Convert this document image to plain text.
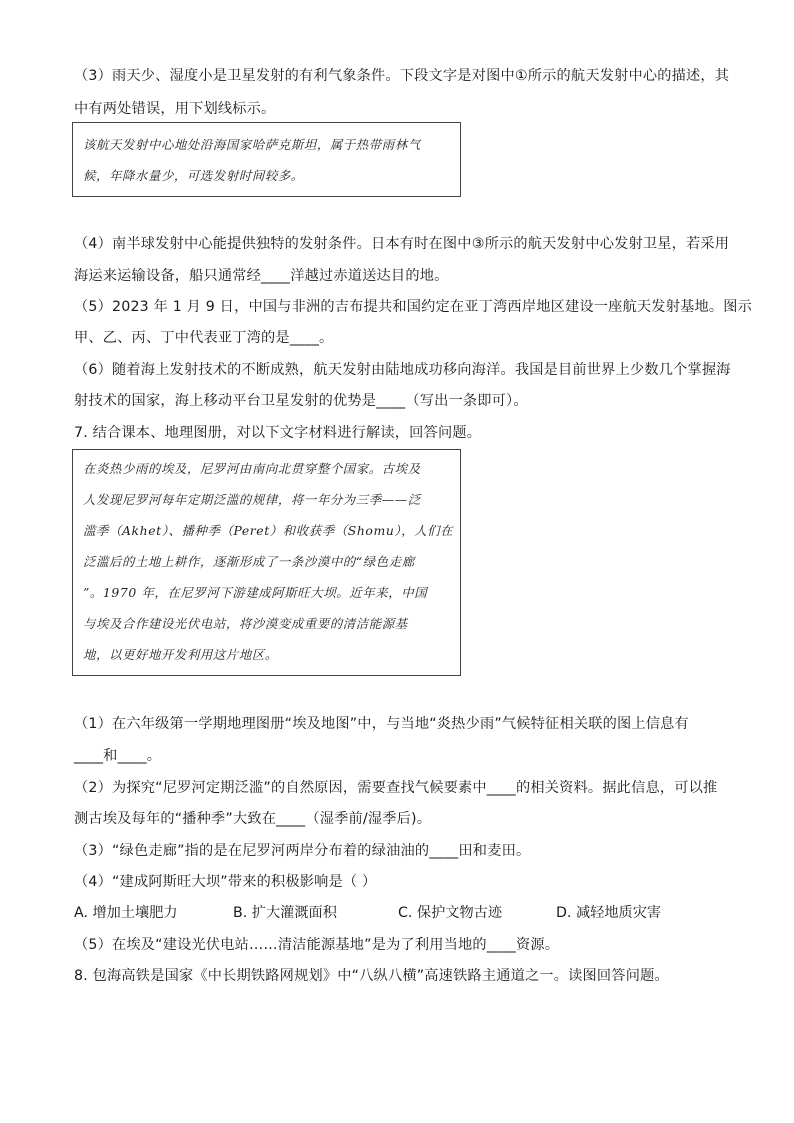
（3）雨天少、湿度小是卫星发射的有利气象条件。下段文字是对图中①所示的航天发射中心的描述，其
中有两处错误，用下划线标示。
该航天发射中心地处沿海国家哈萨克斯坦，属于热带雨林气
候，年降水量少，可选发射时间较多。
（4）南半球发射中心能提供独特的发射条件。日本有时在图中③所示的航天发射中心发射卫星，若采用
海运来运输设备，船只通常经____洋越过赤道送达目的地。
（5）2023 年 1 月 9 日，中国与非洲的吉布提共和国约定在亚丁湾西岸地区建设一座航天发射基地。图示
甲、乙、丙、丁中代表亚丁湾的是____。
（6）随着海上发射技术的不断成熟，航天发射由陆地成功移向海洋。我国是目前世界上少数几个掌握海
射技术的国家，海上移动平台卫星发射的优势是____（写出一条即可）。
7. 结合课本、地理图册，对以下文字材料进行解读，回答问题。
在炎热少雨的埃及，尼罗河由南向北贯穿整个国家。古埃及
人发现尼罗河每年定期泛滥的规律，将一年分为三季——泛
滥季（Akhet）、播种季（Peret）和收获季（Shomu），人们在
泛滥后的土地上耕作，逐渐形成了一条沙漠中的“绿色走廊
”。1970 年，在尼罗河下游建成阿斯旺大坝。近年来，中国
与埃及合作建设光伏电站，将沙漠变成重要的清洁能源基
地，以更好地开发利用这片地区。
（1）在六年级第一学期地理图册“埃及地图”中，与当地“炎热少雨”气候特征相关联的图上信息有
____和____。
（2）为探究“尼罗河定期泛滥”的自然原因，需要查找气候要素中____的相关资料。据此信息，可以推
测古埃及每年的“播种季”大致在____（湿季前/湿季后)。
（3）“绿色走廊”指的是在尼罗河两岸分布着的绿油油的____田和麦田。
（4）“建成阿斯旺大坝”带来的积极影响是（ ）
A. 增加土壤肥力	B. 扩大灌溉面积	C. 保护文物古迹	D. 减轻地质灾害
（5）在埃及“建设光伏电站……清洁能源基地”是为了利用当地的____资源。
8. 包海高铁是国家《中长期铁路网规划》中“八纵八横”高速铁路主通道之一。读图回答问题。
